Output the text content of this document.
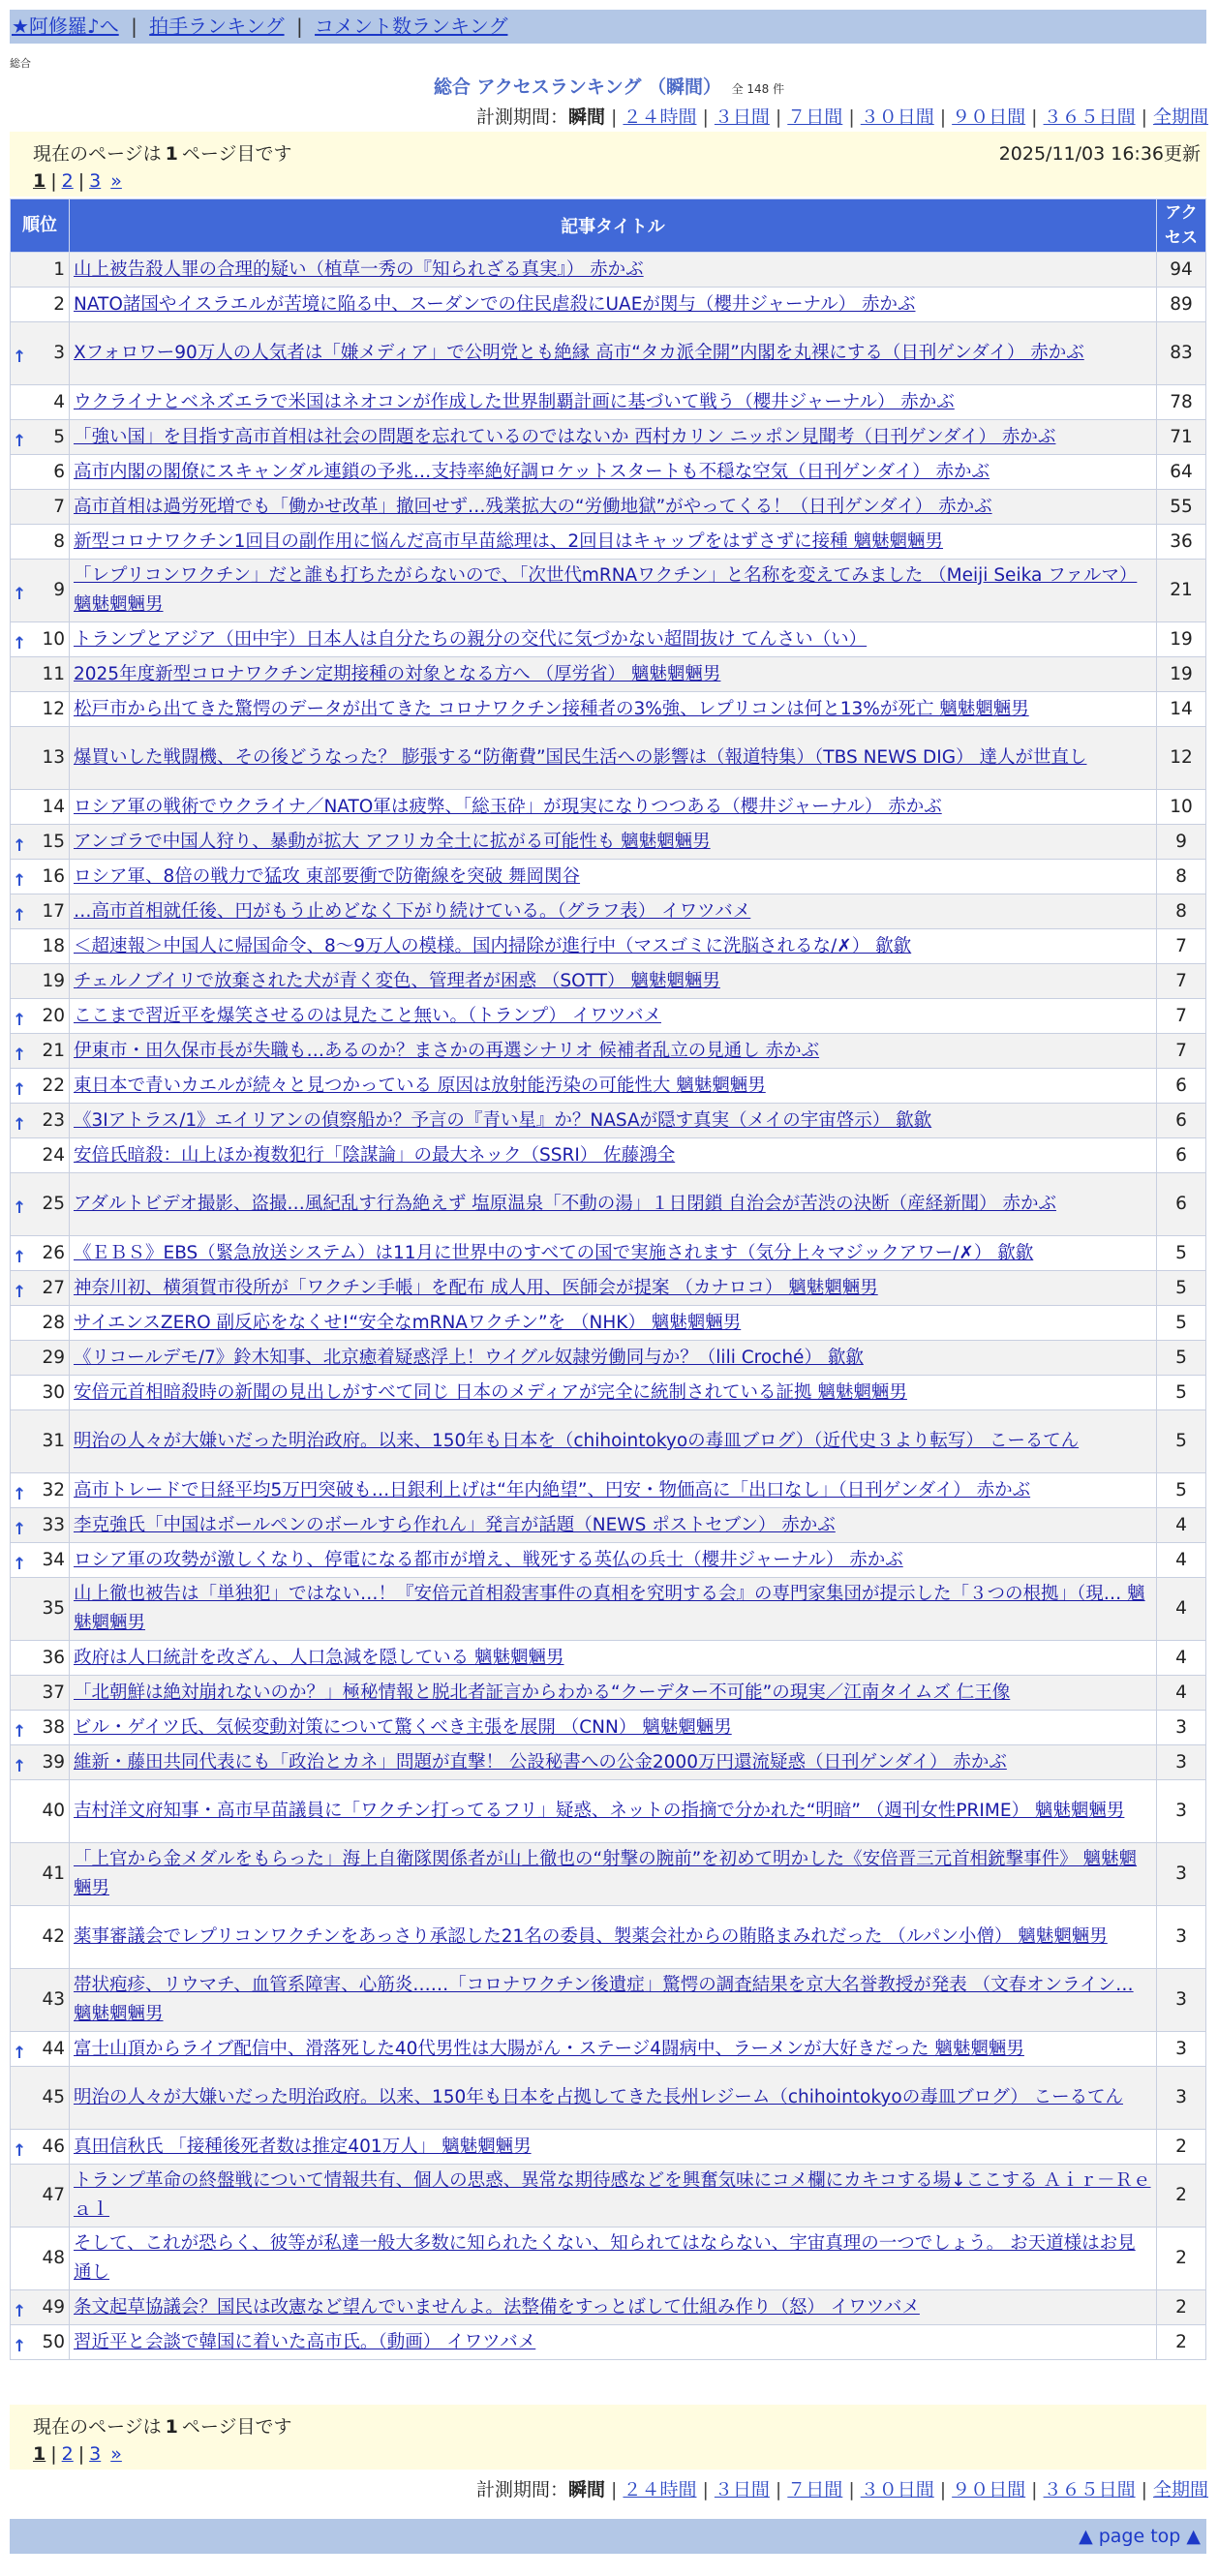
★阿修羅♪へ | 拍手ランキング | コメント数ランキング
総合
総合 アクセスランキング （瞬間） 全 148 件
計測期間：瞬間 | ２４時間 | ３日間 | ７日間 | ３０日間 | ９０日間 | ３６５日間 | 全期間
現在のページは 1 ページ目です	2025/11/03 16:36更新
1 | 2 | 3 »
順位	記事タイトル	アクセス
1	山上被告殺人罪の合理的疑い（植草一秀の『知られざる真実』） 赤かぶ	94
2	NATO諸国やイスラエルが苦境に陥る中、スーダンでの住民虐殺にUAEが関与（櫻井ジャーナル） 赤かぶ	89

↑ 3	Xフォロワー90万人の人気者は「嫌メディア」で公明党とも絶縁 高市“タカ派全開”内閣を丸裸にする（日刊ゲンダイ） 赤かぶ	83
4	ウクライナとベネズエラで米国はネオコンが作成した世界制覇計画に基づいて戦う（櫻井ジャーナル） 赤かぶ	78

↑ 5	「強い国」を目指す高市首相は社会の問題を忘れているのではないか 西村カリン ニッポン見聞考（日刊ゲンダイ） 赤かぶ	71
6	高市内閣の閣僚にスキャンダル連鎖の予兆…支持率絶好調ロケットスタートも不穏な空気（日刊ゲンダイ） 赤かぶ	64
7	高市首相は過労死増でも「働かせ改革」撤回せず…残業拡大の“労働地獄”がやってくる！（日刊ゲンダイ） 赤かぶ	55
8	新型コロナワクチン1回目の副作用に悩んだ高市早苗総理は、2回目はキャップをはずさずに接種 魑魅魍魎男	36

↑ 9	「レプリコンワクチン」だと誰も打ちたがらないので、「次世代mRNAワクチン」と名称を変えてみました （Meiji Seika ファルマ） 魑魅魍魎男	21

↑ 10	トランプとアジア（田中宇）日本人は自分たちの親分の交代に気づかない超間抜け てんさい（い）	19
11	2025年度新型コロナワクチン定期接種の対象となる方へ （厚労省） 魑魅魍魎男	19
12	松戸市から出てきた驚愕のデータが出てきた コロナワクチン接種者の3%強、レプリコンは何と13%が死亡 魑魅魍魎男	14
13	爆買いした戦闘機、その後どうなった？ 膨張する“防衛費”国民生活への影響は（報道特集）（TBS NEWS DIG） 達人が世直し	12
14	ロシア軍の戦術でウクライナ／NATO軍は疲弊、「総玉砕」が現実になりつつある（櫻井ジャーナル） 赤かぶ	10

↑ 15	アンゴラで中国人狩り、暴動が拡大 アフリカ全土に拡がる可能性も 魑魅魍魎男	9

↑ 16	ロシア軍、8倍の戦力で猛攻 東部要衝で防衛線を突破 舞岡関谷	8

↑ 17	…高市首相就任後、円がもう止めどなく下がり続けている。（グラフ表） イワツバメ	8
18	＜超速報＞中国人に帰国命令、8～9万人の模様。国内掃除が進行中（マスゴミに洗脳されるな/✗） 歙歙	7
19	チェルノブイリで放棄された犬が青く変色、管理者が困惑 （SOTT） 魑魅魍魎男	7

↑ 20	ここまで習近平を爆笑させるのは見たこと無い。（トランプ） イワツバメ	7

↑ 21	伊東市・田久保市長が失職も…あるのか？まさかの再選シナリオ 候補者乱立の見通し 赤かぶ	7

↑ 22	東日本で青いカエルが続々と見つかっている 原因は放射能汚染の可能性大 魑魅魍魎男	6

↑ 23	《3Iアトラス/1》エイリアンの偵察船か？予言の『青い星』か？NASAが隠す真実（メイの宇宙啓示） 歙歙	6
24	安倍氏暗殺：山上ほか複数犯行「陰謀論」の最大ネック（SSRI） 佐藤鴻全	6

↑ 25	アダルトビデオ撮影、盗撮…風紀乱す行為絶えず 塩原温泉「不動の湯」１日閉鎖 自治会が苦渋の決断（産経新聞） 赤かぶ	6

↑ 26	《ＥＢＳ》EBS（緊急放送システム）は11月に世界中のすべての国で実施されます（気分上々マジックアワー/✗） 歙歙	5

↑ 27	神奈川初、横須賀市役所が「ワクチン手帳」を配布 成人用、医師会が提案 （カナロコ） 魑魅魍魎男	5
28	サイエンスZERO 副反応をなくせ!“安全なmRNAワクチン”を （NHK） 魑魅魍魎男	5
29	《リコールデモ/7》鈴木知事、北京癒着疑惑浮上！ウイグル奴隷労働同与か？（lili Croché） 歙歙	5
30	安倍元首相暗殺時の新聞の見出しがすべて同じ 日本のメディアが完全に統制されている証拠 魑魅魍魎男	5
31	明治の人々が大嫌いだった明治政府。以来、150年も日本を（chihointokyoの毒皿ブログ）（近代史３より転写） こーるてん	5

↑ 32	高市トレードで日経平均5万円突破も…日銀利上げは“年内絶望”、円安・物価高に「出口なし」（日刊ゲンダイ） 赤かぶ	5

↑ 33	李克強氏「中国はボールペンのボールすら作れん」発言が話題（NEWS ポストセブン） 赤かぶ	4

↑ 34	ロシア軍の攻勢が激しくなり、停電になる都市が増え、戦死する英仏の兵士（櫻井ジャーナル） 赤かぶ	4
35	山上徹也被告は「単独犯」ではない…！『安倍元首相殺害事件の真相を究明する会』の専門家集団が提示した「３つの根拠」（現… 魑魅魍魎男	4
36	政府は人口統計を改ざん、人口急減を隠している 魑魅魍魎男	4
37	「北朝鮮は絶対崩れないのか？」極秘情報と脱北者証言からわかる“クーデター不可能”の現実／江南タイムズ 仁王像	4

↑ 38	ビル・ゲイツ氏、気候変動対策について驚くべき主張を展開 （CNN） 魑魅魍魎男	3

↑ 39	維新・藤田共同代表にも「政治とカネ」問題が直撃！ 公設秘書への公金2000万円還流疑惑（日刊ゲンダイ） 赤かぶ	3
40	吉村洋文府知事・高市早苗議員に「ワクチン打ってるフリ」疑惑、ネットの指摘で分かれた“明暗” （週刊女性PRIME） 魑魅魍魎男	3
41	「上官から金メダルをもらった」海上自衛隊関係者が山上徹也の“射撃の腕前”を初めて明かした《安倍晋三元首相銃撃事件》 魑魅魍魎男	3
42	薬事審議会でレプリコンワクチンをあっさり承認した21名の委員、製薬会社からの賄賂まみれだった （ルパン小僧） 魑魅魍魎男	3
43	帯状疱疹、リウマチ、血管系障害、心筋炎……「コロナワクチン後遺症」驚愕の調査結果を京大名誉教授が発表 （文春オンライン… 魑魅魍魎男	3

↑ 44	富士山頂からライブ配信中、滑落死した40代男性は大腸がん・ステージ4闘病中、ラーメンが大好きだった 魑魅魍魎男	3
45	明治の人々が大嫌いだった明治政府。以来、150年も日本を占拠してきた長州レジーム（chihointokyoの毒皿ブログ） こーるてん	3

↑ 46	真田信秋氏 「接種後死者数は推定401万人」 魑魅魍魎男	2
47	トランプ革命の終盤戦について情報共有、個人の思惑、異常な期待感などを興奮気味にコメ欄にカキコする場↓ここする Ａｉｒ－Ｒｅａｌ	2
48	そして、これが恐らく、彼等が私達一般大多数に知られたくない、知られてはならない、宇宙真理の一つでしょう。 お天道様はお見通し	2

↑ 49	条文起草協議会？国民は改憲など望んでいませんよ。法整備をすっとばして仕組み作り（怒） イワツバメ	2

↑ 50	習近平と会談で韓国に着いた高市氏。（動画） イワツバメ	2
現在のページは 1 ページ目です
1 | 2 | 3 »
計測期間：瞬間 | ２４時間 | ３日間 | ７日間 | ３０日間 | ９０日間 | ３６５日間 | 全期間
▲ page top ▲
